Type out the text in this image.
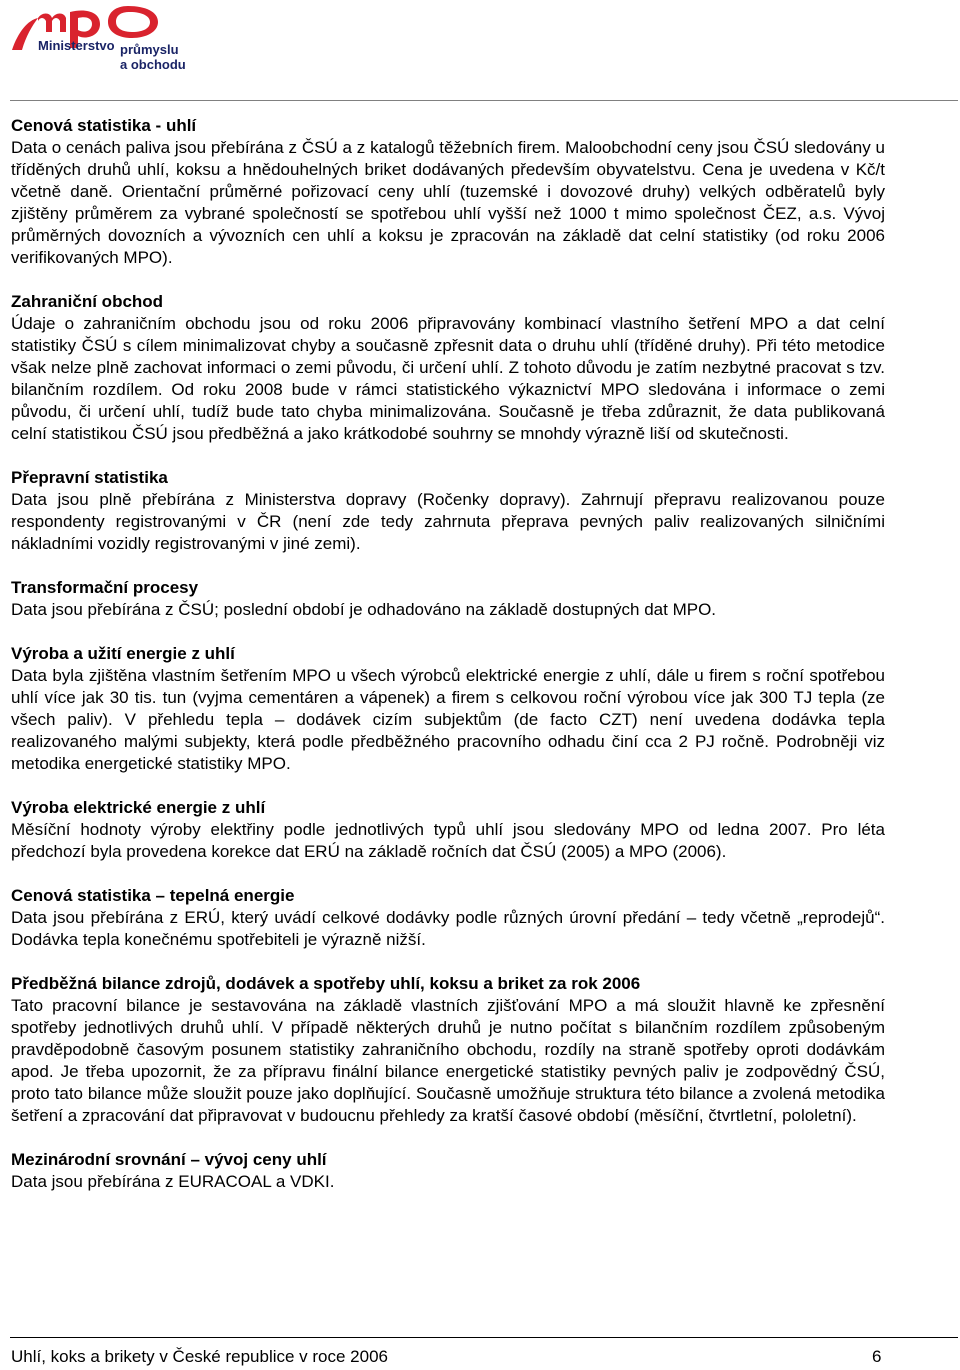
Ministerstvo průmyslu
a obchodu

Cenová statistika - uhlí

Data o cenách paliva jsou přebírána z ČSÚ a z katalogů těžebních firem. Maloobchodní ceny jsou ČSÚ sledovány u tříděných druhů uhlí, koksu a hnědouhelných briket dodávaných především obyvatelstvu. Cena je uvedena v Kč/t včetně daně. Orientační průměrné pořizovací ceny uhlí (tuzemské i dovozové druhy) velkých odběratelů byly zjištěny průměrem za vybrané společností se spotřebou uhlí vyšší než 1000 t mimo společnost ČEZ, a.s. Vývoj průměrných dovozních a vývozních cen uhlí a koksu je zpracován na základě dat celní statistiky (od roku 2006 verifikovaných MPO).

Zahraniční obchod

Údaje o zahraničním obchodu jsou od roku 2006 připravovány kombinací vlastního šetření MPO a dat celní statistiky ČSÚ s cílem minimalizovat chyby a současně zpřesnit data o druhu uhlí (tříděné druhy). Při této metodice však nelze plně zachovat informaci o zemi původu, či určení uhlí. Z tohoto důvodu je zatím nezbytné pracovat s tzv. bilančním rozdílem. Od roku 2008 bude v rámci statistického výkaznictví MPO sledována i informace o zemi původu, či určení uhlí, tudíž bude tato chyba minimalizována. Současně je třeba zdůraznit, že data publikovaná celní statistikou ČSÚ jsou předběžná a jako krátkodobé souhrny se mnohdy výrazně liší od skutečnosti.

Přepravní statistika

Data jsou plně přebírána z Ministerstva dopravy (Ročenky dopravy). Zahrnují přepravu realizovanou pouze respondenty registrovanými v ČR (není zde tedy zahrnuta přeprava pevných paliv realizovaných silničními nákladními vozidly registrovanými v jiné zemi).

Transformační procesy

Data jsou přebírána z ČSÚ; poslední období je odhadováno na základě dostupných dat MPO.

Výroba a užití energie z uhlí

Data byla zjištěna vlastním šetřením MPO u všech výrobců elektrické energie z uhlí, dále u firem s roční spotřebou uhlí více jak 30 tis. tun (vyjma cementáren a vápenek) a firem s celkovou roční výrobou více jak 300 TJ tepla (ze všech paliv). V přehledu tepla – dodávek cizím subjektům (de facto CZT) není uvedena dodávka tepla realizovaného malými subjekty, která podle předběžného pracovního odhadu činí cca 2 PJ ročně. Podrobněji viz metodika energetické statistiky MPO.

Výroba elektrické energie z uhlí

Měsíční hodnoty výroby elektřiny podle jednotlivých typů uhlí jsou sledovány MPO od ledna 2007. Pro léta předchozí byla provedena korekce dat ERÚ na základě ročních dat ČSÚ (2005) a MPO (2006).

Cenová statistika – tepelná energie

Data jsou přebírána z ERÚ, který uvádí celkové dodávky podle různých úrovní předání – tedy včetně „reprodejů“. Dodávka tepla konečnému spotřebiteli je výrazně nižší.

Předběžná bilance zdrojů, dodávek a spotřeby uhlí, koksu a briket za rok 2006

Tato pracovní bilance je sestavována na základě vlastních zjišťování MPO a má sloužit hlavně ke zpřesnění spotřeby jednotlivých druhů uhlí. V případě některých druhů je nutno počítat s bilančním rozdílem způsobeným pravděpodobně časovým posunem statistiky zahraničního obchodu, rozdíly na straně spotřeby oproti dodávkám apod. Je třeba upozornit, že za přípravu finální bilance energetické statistiky pevných paliv je zodpovědný ČSÚ, proto tato bilance může sloužit pouze jako doplňující. Současně umožňuje struktura této bilance a zvolená metodika šetření a zpracování dat připravovat v budoucnu přehledy za kratší časové období (měsíční, čtvrtletní, pololetní).

Mezinárodní srovnání – vývoj ceny uhlí

Data jsou přebírána z EURACOAL a VDKI.

Uhlí, koks a brikety v České republice v roce 2006	6
